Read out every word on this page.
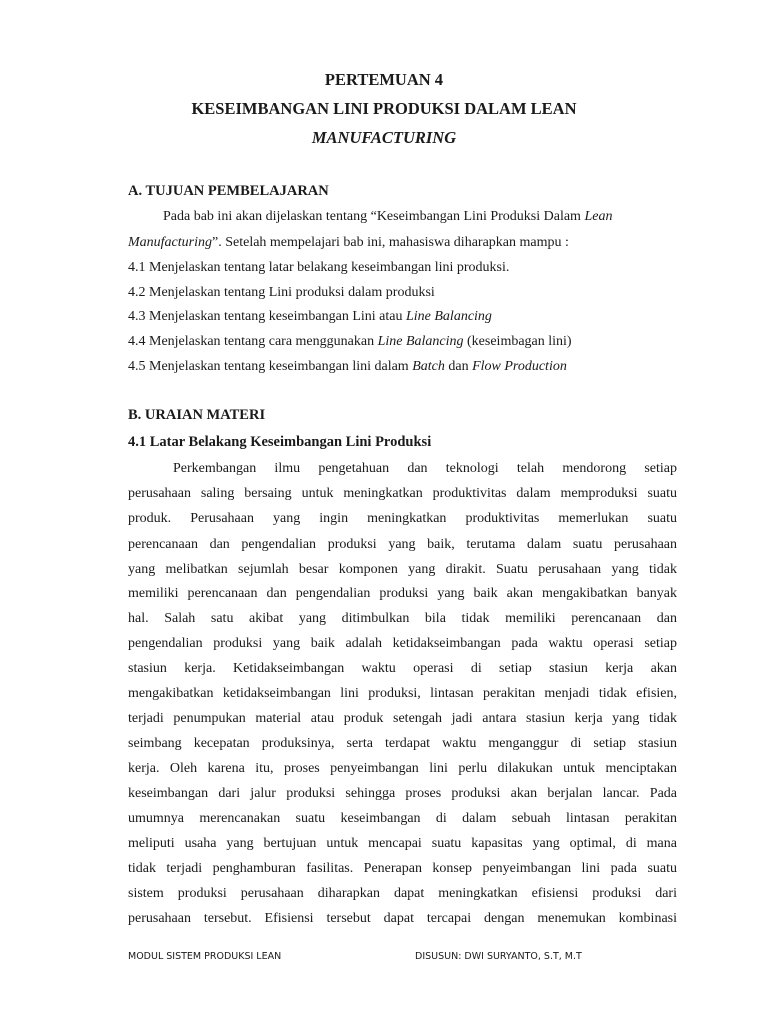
PERTEMUAN 4
KESEIMBANGAN LINI PRODUKSI DALAM LEAN
MANUFACTURING
A. TUJUAN PEMBELAJARAN
Pada bab ini akan dijelaskan tentang “Keseimbangan Lini Produksi Dalam Lean
Manufacturing”. Setelah mempelajari bab ini, mahasiswa diharapkan mampu :
4.1 Menjelaskan tentang latar belakang keseimbangan lini produksi.
4.2 Menjelaskan tentang Lini produksi dalam produksi
4.3 Menjelaskan tentang keseimbangan Lini atau Line Balancing
4.4 Menjelaskan tentang cara menggunakan Line Balancing (keseimbagan lini)
4.5 Menjelaskan tentang keseimbangan lini dalam Batch dan Flow Production
B. URAIAN MATERI
4.1 Latar Belakang Keseimbangan Lini Produksi
Perkembangan ilmu pengetahuan dan teknologi telah mendorong setiap
perusahaan saling bersaing untuk meningkatkan produktivitas dalam memproduksi suatu
produk. Perusahaan yang ingin meningkatkan produktivitas memerlukan suatu
perencanaan dan pengendalian produksi yang baik, terutama dalam suatu perusahaan
yang melibatkan sejumlah besar komponen yang dirakit. Suatu perusahaan yang tidak
memiliki perencanaan dan pengendalian produksi yang baik akan mengakibatkan banyak
hal. Salah satu akibat yang ditimbulkan bila tidak memiliki perencanaan dan
pengendalian produksi yang baik adalah ketidakseimbangan pada waktu operasi setiap
stasiun kerja. Ketidakseimbangan waktu operasi di setiap stasiun kerja akan
mengakibatkan ketidakseimbangan lini produksi, lintasan perakitan menjadi tidak efisien,
terjadi penumpukan material atau produk setengah jadi antara stasiun kerja yang tidak
seimbang kecepatan produksinya, serta terdapat waktu menganggur di setiap stasiun
kerja. Oleh karena itu, proses penyeimbangan lini perlu dilakukan untuk menciptakan
keseimbangan dari jalur produksi sehingga proses produksi akan berjalan lancar. Pada
umumnya merencanakan suatu keseimbangan di dalam sebuah lintasan perakitan
meliputi usaha yang bertujuan untuk mencapai suatu kapasitas yang optimal, di mana
tidak terjadi penghamburan fasilitas. Penerapan konsep penyeimbangan lini pada suatu
sistem produksi perusahaan diharapkan dapat meningkatkan efisiensi produksi dari
perusahaan tersebut. Efisiensi tersebut dapat tercapai dengan menemukan kombinasi
MODUL SISTEM PRODUKSI LEAN	DISUSUN: DWI SURYANTO, S.T, M.T
